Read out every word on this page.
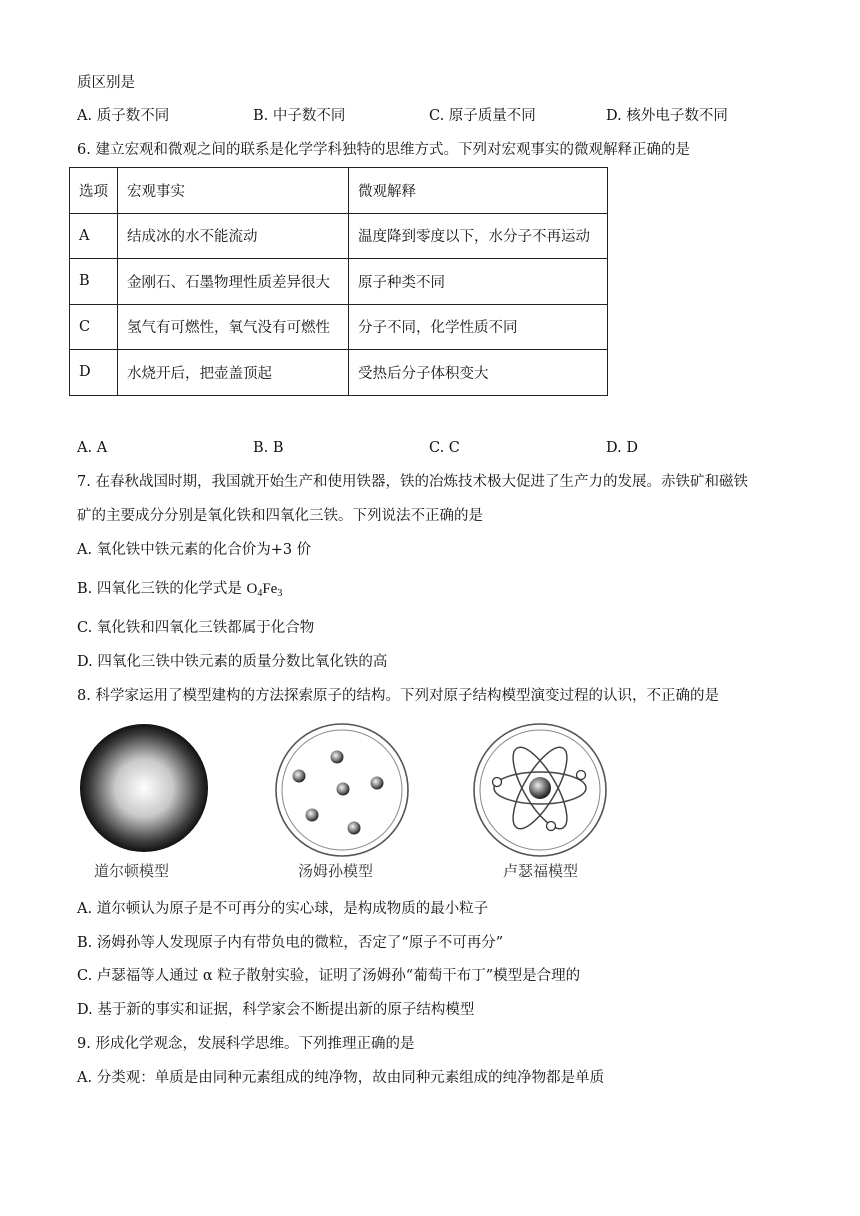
质区别是
A. 质子数不同	B. 中子数不同	C. 原子质量不同	D. 核外电子数不同
6. 建立宏观和微观之间的联系是化学学科独特的思维方式。下列对宏观事实的微观解释正确的是
选项	宏观事实	微观解释
A	结成冰的水不能流动	温度降到零度以下，水分子不再运动
B	金刚石、石墨物理性质差异很大	原子种类不同
C	氢气有可燃性，氧气没有可燃性	分子不同，化学性质不同
D	水烧开后，把壶盖顶起	受热后分子体积变大
A. A	B. B	C. C	D. D
7. 在春秋战国时期，我国就开始生产和使用铁器，铁的冶炼技术极大促进了生产力的发展。赤铁矿和磁铁
矿的主要成分分别是氧化铁和四氧化三铁。下列说法不正确的是
A. 氧化铁中铁元素的化合价为+3 价
B. 四氧化三铁的化学式是 $O_4Fe_3$
C. 氧化铁和四氧化三铁都属于化合物
D. 四氧化三铁中铁元素的质量分数比氧化铁的高
8. 科学家运用了模型建构的方法探索原子的结构。下列对原子结构模型演变过程的认识，不正确的是
道尔顿模型	汤姆孙模型	卢瑟福模型
A. 道尔顿认为原子是不可再分的实心球，是构成物质的最小粒子
B. 汤姆孙等人发现原子内有带负电的微粒，否定了“原子不可再分”
C. 卢瑟福等人通过 α 粒子散射实验，证明了汤姆孙“葡萄干布丁”模型是合理的
D. 基于新的事实和证据，科学家会不断提出新的原子结构模型
9. 形成化学观念，发展科学思维。下列推理正确的是
A. 分类观：单质是由同种元素组成的纯净物，故由同种元素组成的纯净物都是单质
